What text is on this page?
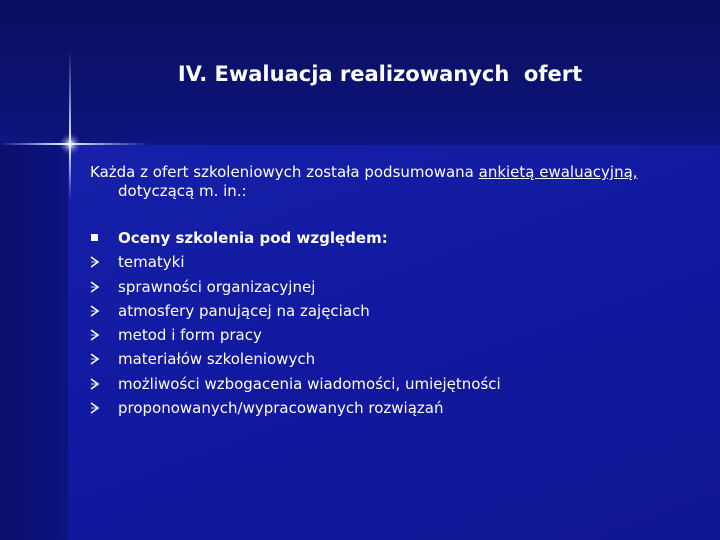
IV. Ewaluacja realizowanych  ofert
Każda z ofert szkoleniowych została podsumowana ankietą ewaluacyjną,
dotyczącą m. in.:
Oceny szkolenia pod względem:
tematyki
sprawności organizacyjnej
atmosfery panującej na zajęciach
metod i form pracy
materiałów szkoleniowych
możliwości wzbogacenia wiadomości, umiejętności
proponowanych/wypracowanych rozwiązań
